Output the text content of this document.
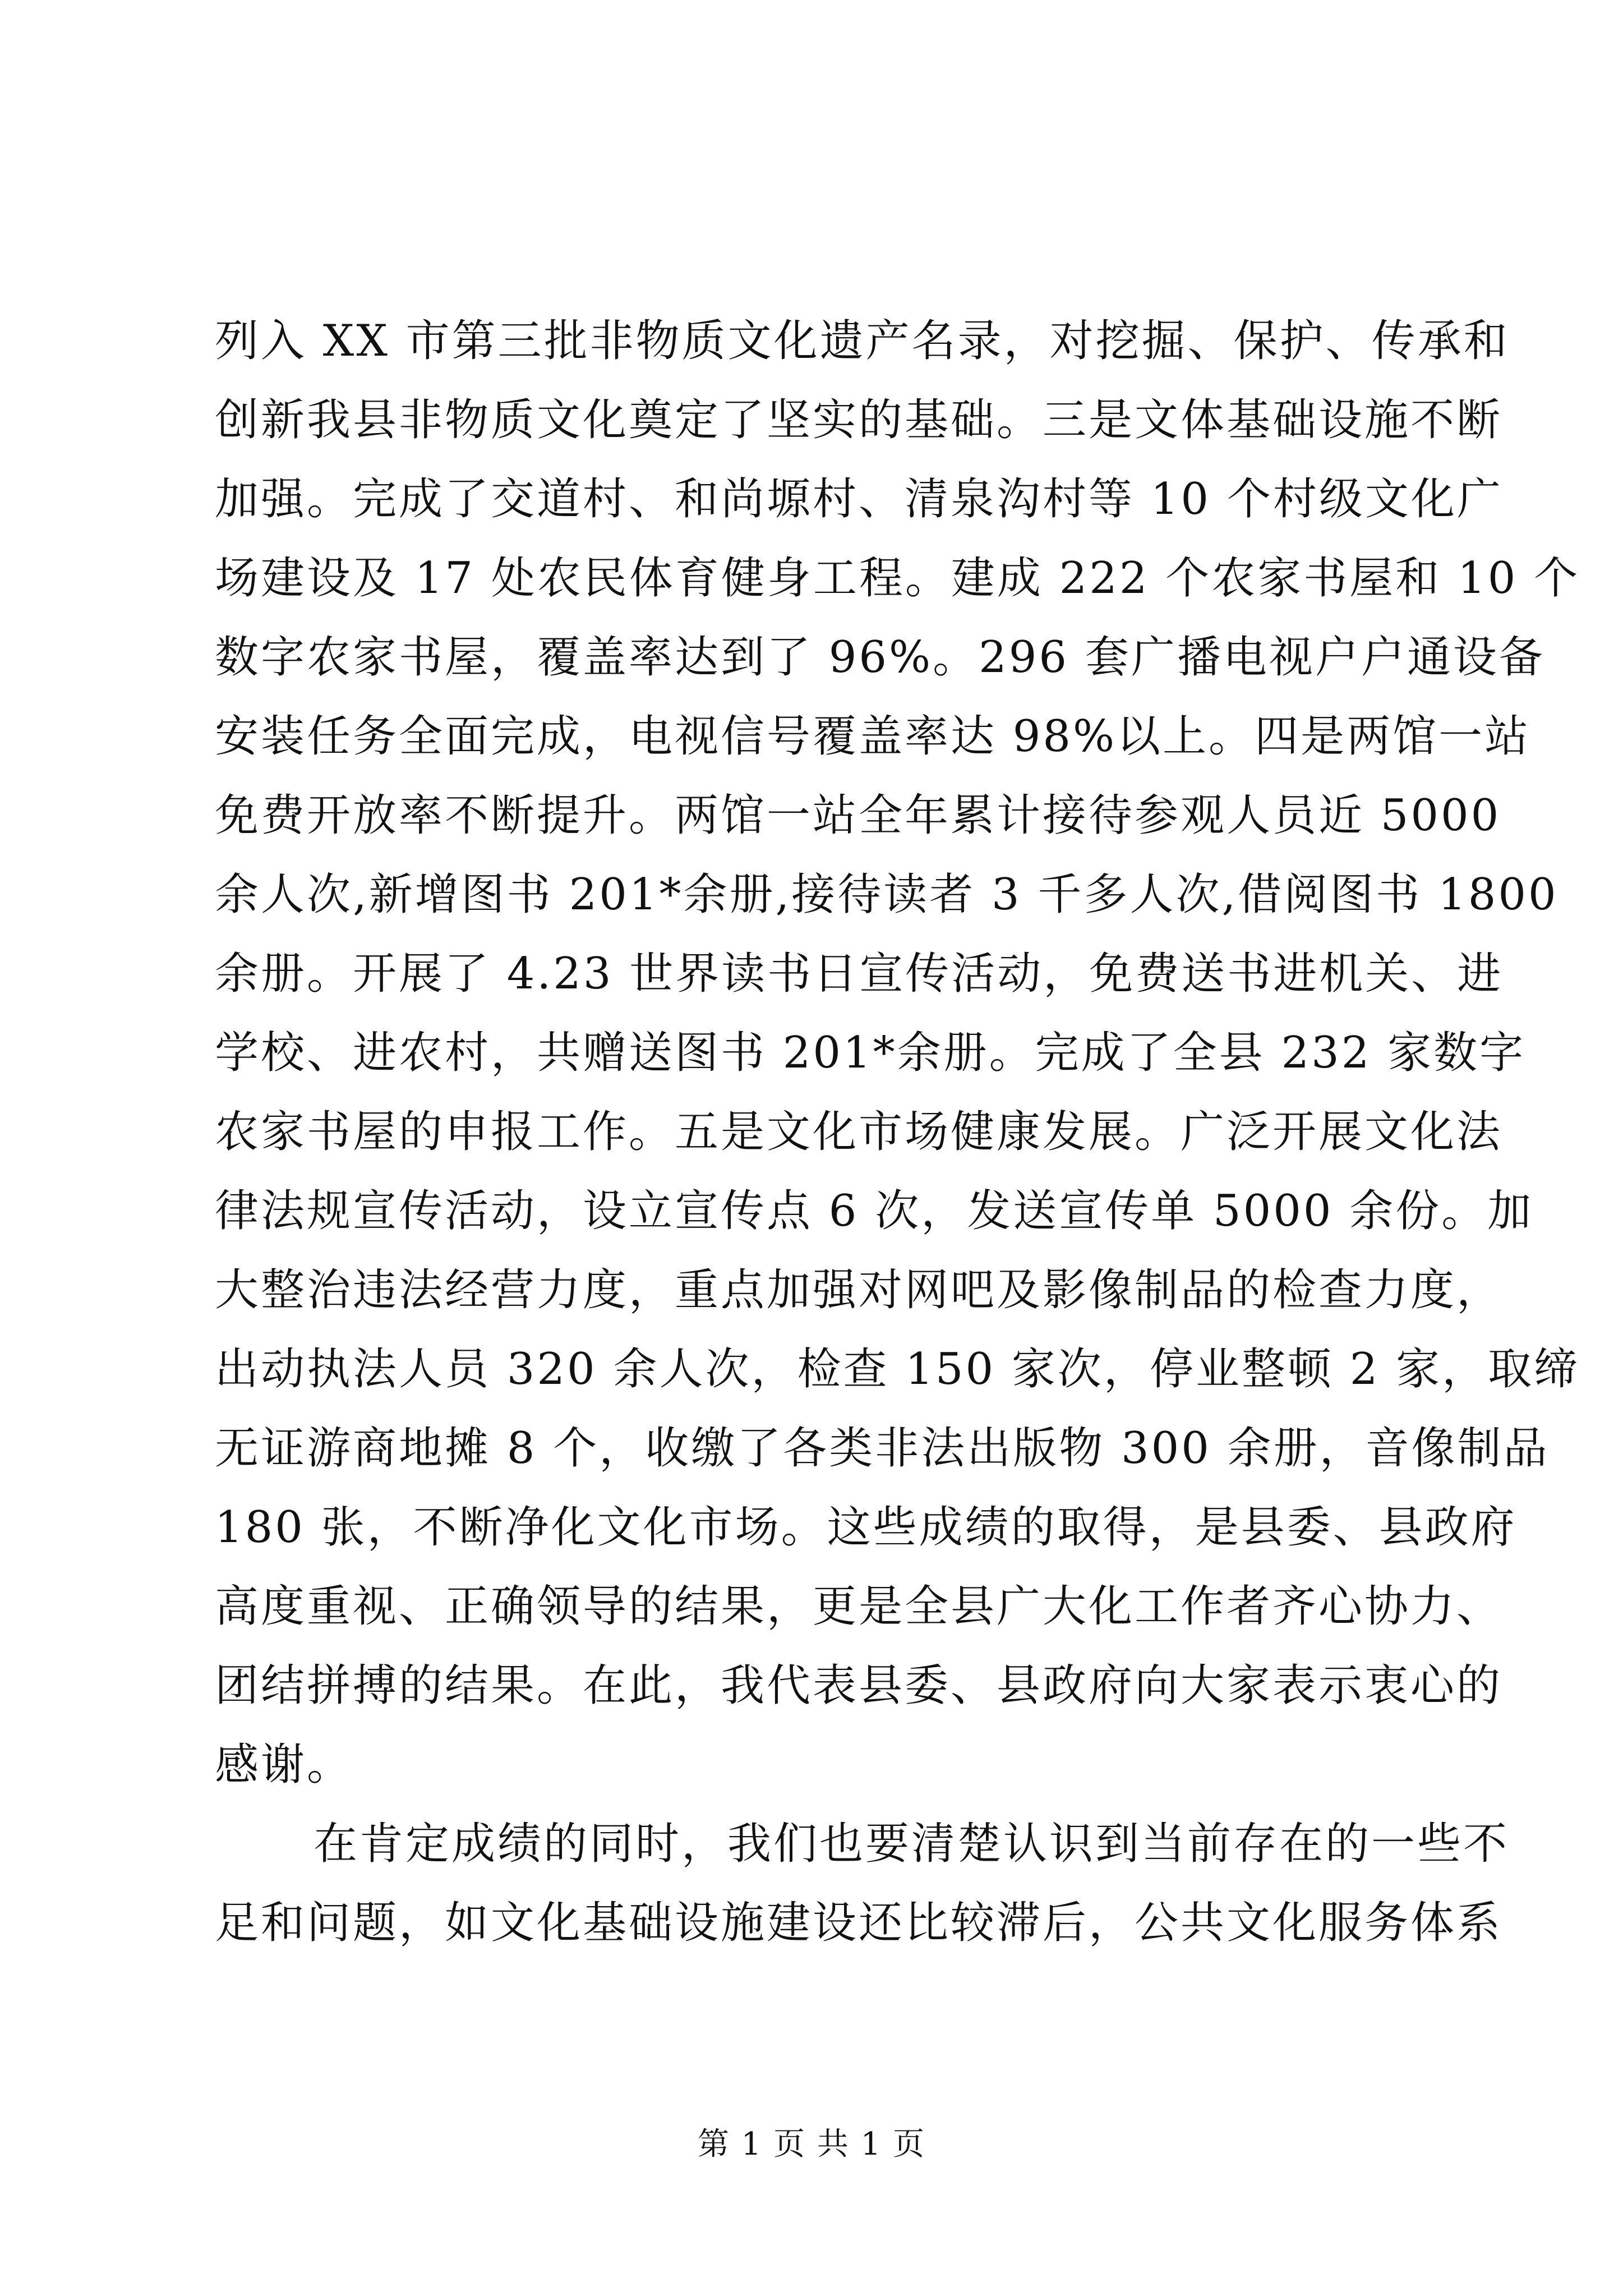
列入 XX 市第三批非物质文化遗产名录，对挖掘、保护、传承和
创新我县非物质文化奠定了坚实的基础。三是文体基础设施不断
加强。完成了交道村、和尚塬村、清泉沟村等 10 个村级文化广
场建设及 17 处农民体育健身工程。建成 222 个农家书屋和 10 个
数字农家书屋，覆盖率达到了 96%。296 套广播电视户户通设备
安装任务全面完成，电视信号覆盖率达 98%以上。四是两馆一站
免费开放率不断提升。两馆一站全年累计接待参观人员近 5000
余人次,新增图书 201*余册,接待读者 3 千多人次,借阅图书 1800
余册。开展了 4.23 世界读书日宣传活动，免费送书进机关、进
学校、进农村，共赠送图书 201*余册。完成了全县 232 家数字
农家书屋的申报工作。五是文化市场健康发展。广泛开展文化法
律法规宣传活动，设立宣传点 6 次，发送宣传单 5000 余份。加
大整治违法经营力度，重点加强对网吧及影像制品的检查力度，
出动执法人员 320 余人次，检查 150 家次，停业整顿 2 家，取缔
无证游商地摊 8 个，收缴了各类非法出版物 300 余册，音像制品
180 张，不断净化文化市场。这些成绩的取得，是县委、县政府
高度重视、正确领导的结果，更是全县广大化工作者齐心协力、
团结拼搏的结果。在此，我代表县委、县政府向大家表示衷心的
感谢。
在肯定成绩的同时，我们也要清楚认识到当前存在的一些不
足和问题，如文化基础设施建设还比较滞后，公共文化服务体系
第 1 页 共 1 页
